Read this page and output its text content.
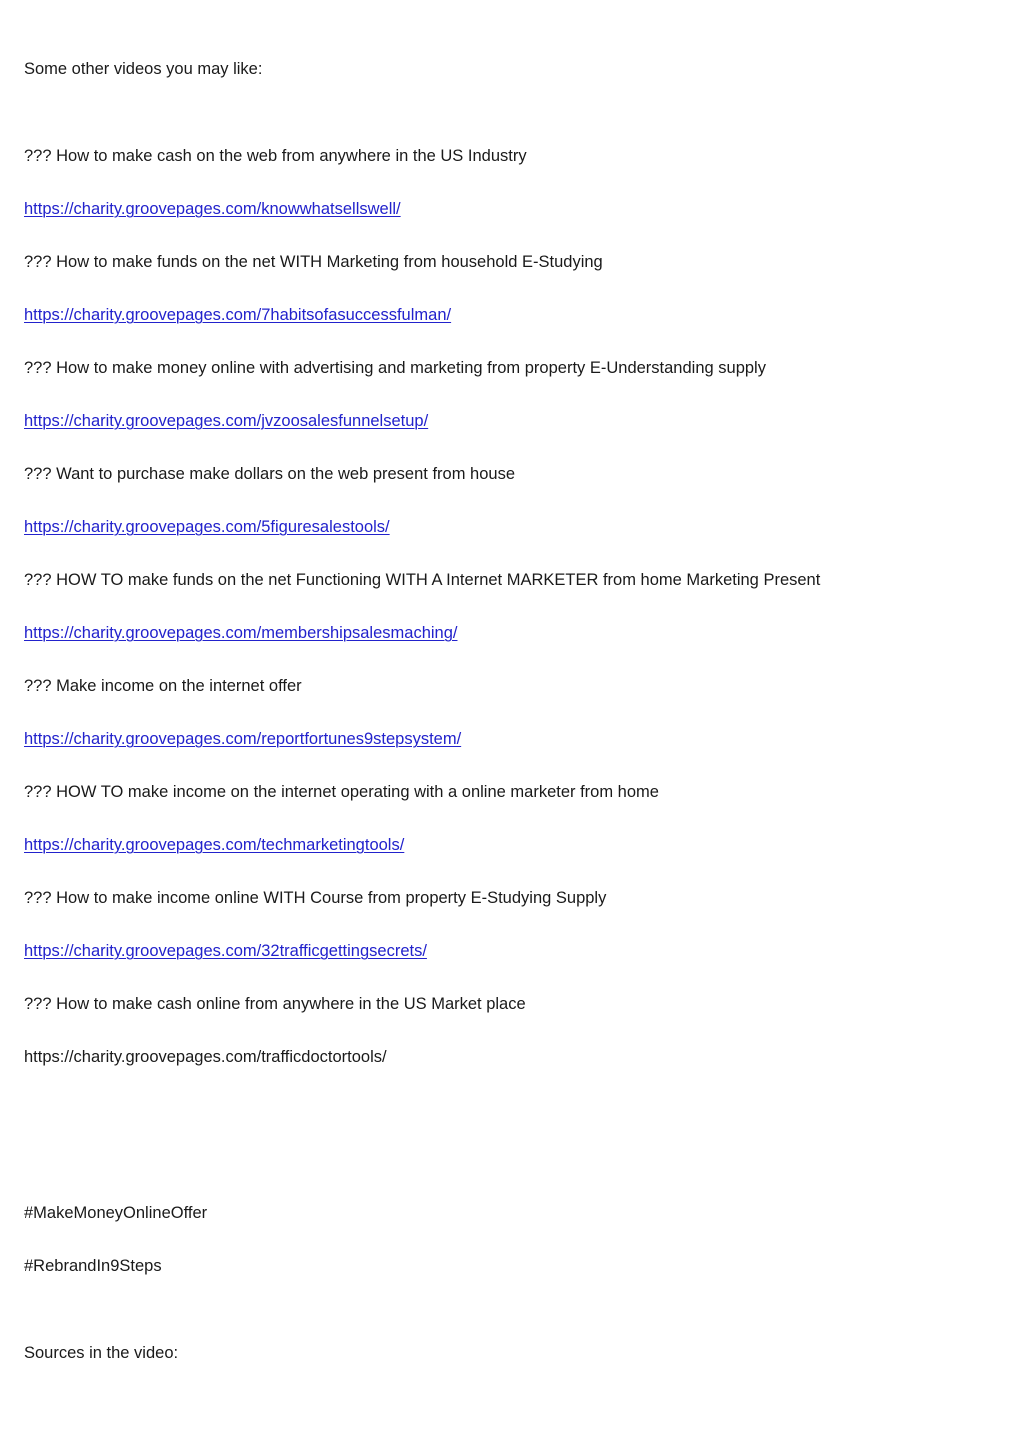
Some other videos you may like:
??? How to make cash on the web from anywhere in the US Industry
https://charity.groovepages.com/knowwhatsellswell/
??? How to make funds on the net WITH Marketing from household E-Studying
https://charity.groovepages.com/7habitsofasuccessfulman/
??? How to make money online with advertising and marketing from property E-Understanding supply
https://charity.groovepages.com/jvzoosalesfunnelsetup/
??? Want to purchase make dollars on the web present from house
https://charity.groovepages.com/5figuresalestools/
??? HOW TO make funds on the net Functioning WITH A Internet MARKETER from home Marketing Present
https://charity.groovepages.com/membershipsalesmaching/
??? Make income on the internet offer
https://charity.groovepages.com/reportfortunes9stepsystem/
??? HOW TO make income on the internet operating with a online marketer from home
https://charity.groovepages.com/techmarketingtools/
??? How to make income online WITH Course from property E-Studying Supply
https://charity.groovepages.com/32trafficgettingsecrets/
??? How to make cash online from anywhere in the US Market place
https://charity.groovepages.com/trafficdoctortools/
#MakeMoneyOnlineOffer
#RebrandIn9Steps
Sources in the video:
